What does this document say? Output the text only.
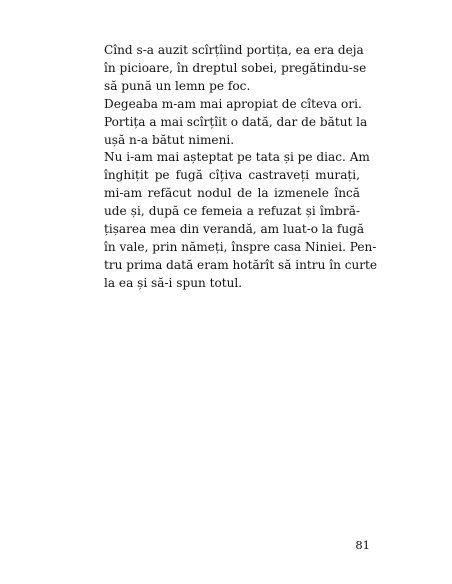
Cînd s-a auzit scîrțîind portița, ea era deja
în picioare, în dreptul sobei, pregătindu-se
să pună un lemn pe foc.
Degeaba m-am mai apropiat de cîteva ori.
Portița a mai scîrțîit o dată, dar de bătut la
ușă n-a bătut nimeni.
Nu i-am mai așteptat pe tata și pe diac. Am
înghițit pe fugă cîțiva castraveți murați,
mi-am refăcut nodul de la izmenele încă
ude și, după ce femeia a refuzat și îmbră-
țișarea mea din verandă, am luat-o la fugă
în vale, prin nămeți, înspre casa Niniei. Pen-
tru prima dată eram hotărît să intru în curte
la ea și să-i spun totul.
81
